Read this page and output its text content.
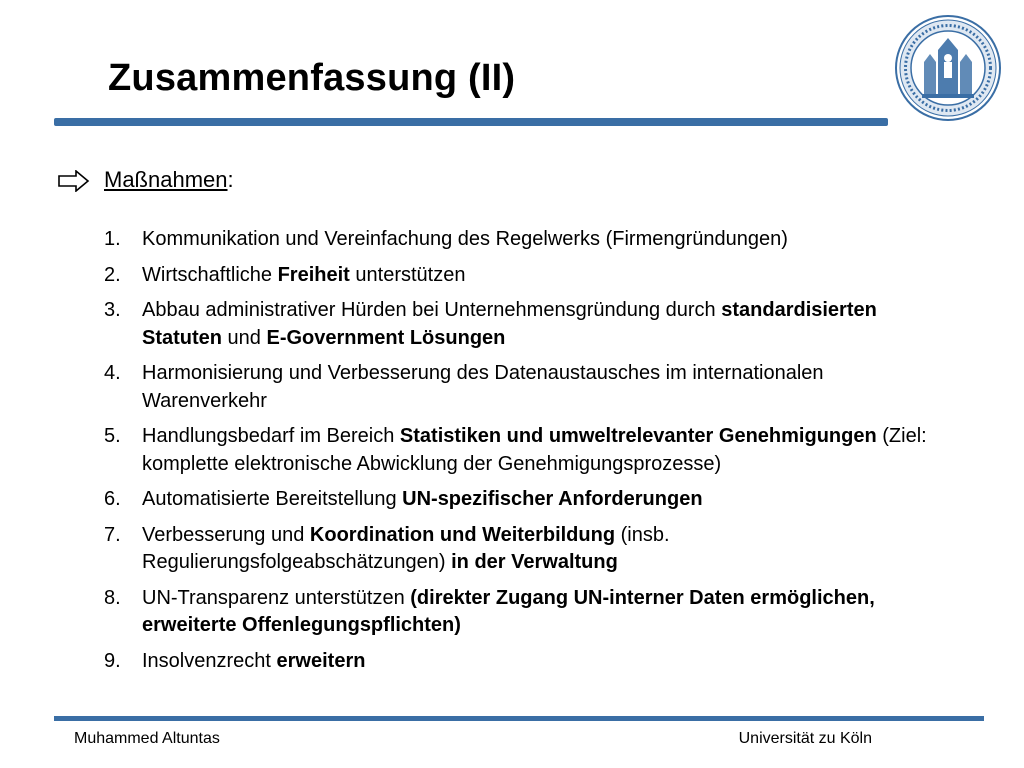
Zusammenfassung (II)
Maßnahmen:
1.	Kommunikation und Vereinfachung des Regelwerks (Firmengründungen)
2.	Wirtschaftliche Freiheit unterstützen
3.	Abbau administrativer Hürden bei Unternehmensgründung durch standardisierten Statuten und E-Government Lösungen
4.	Harmonisierung und Verbesserung des Datenaustausches im internationalen Warenverkehr
5.	Handlungsbedarf im Bereich Statistiken und umweltrelevanter Genehmigungen (Ziel: komplette elektronische Abwicklung der Genehmigungsprozesse)
6.	Automatisierte Bereitstellung UN-spezifischer Anforderungen
7.	Verbesserung und Koordination und Weiterbildung (insb. Regulierungsfolgeabschätzungen) in der Verwaltung
8.	UN-Transparenz unterstützen (direkter Zugang UN-interner Daten ermöglichen, erweiterte Offenlegungspflichten)
9.	Insolvenzrecht erweitern
Muhammed Altuntas	Universität zu Köln
